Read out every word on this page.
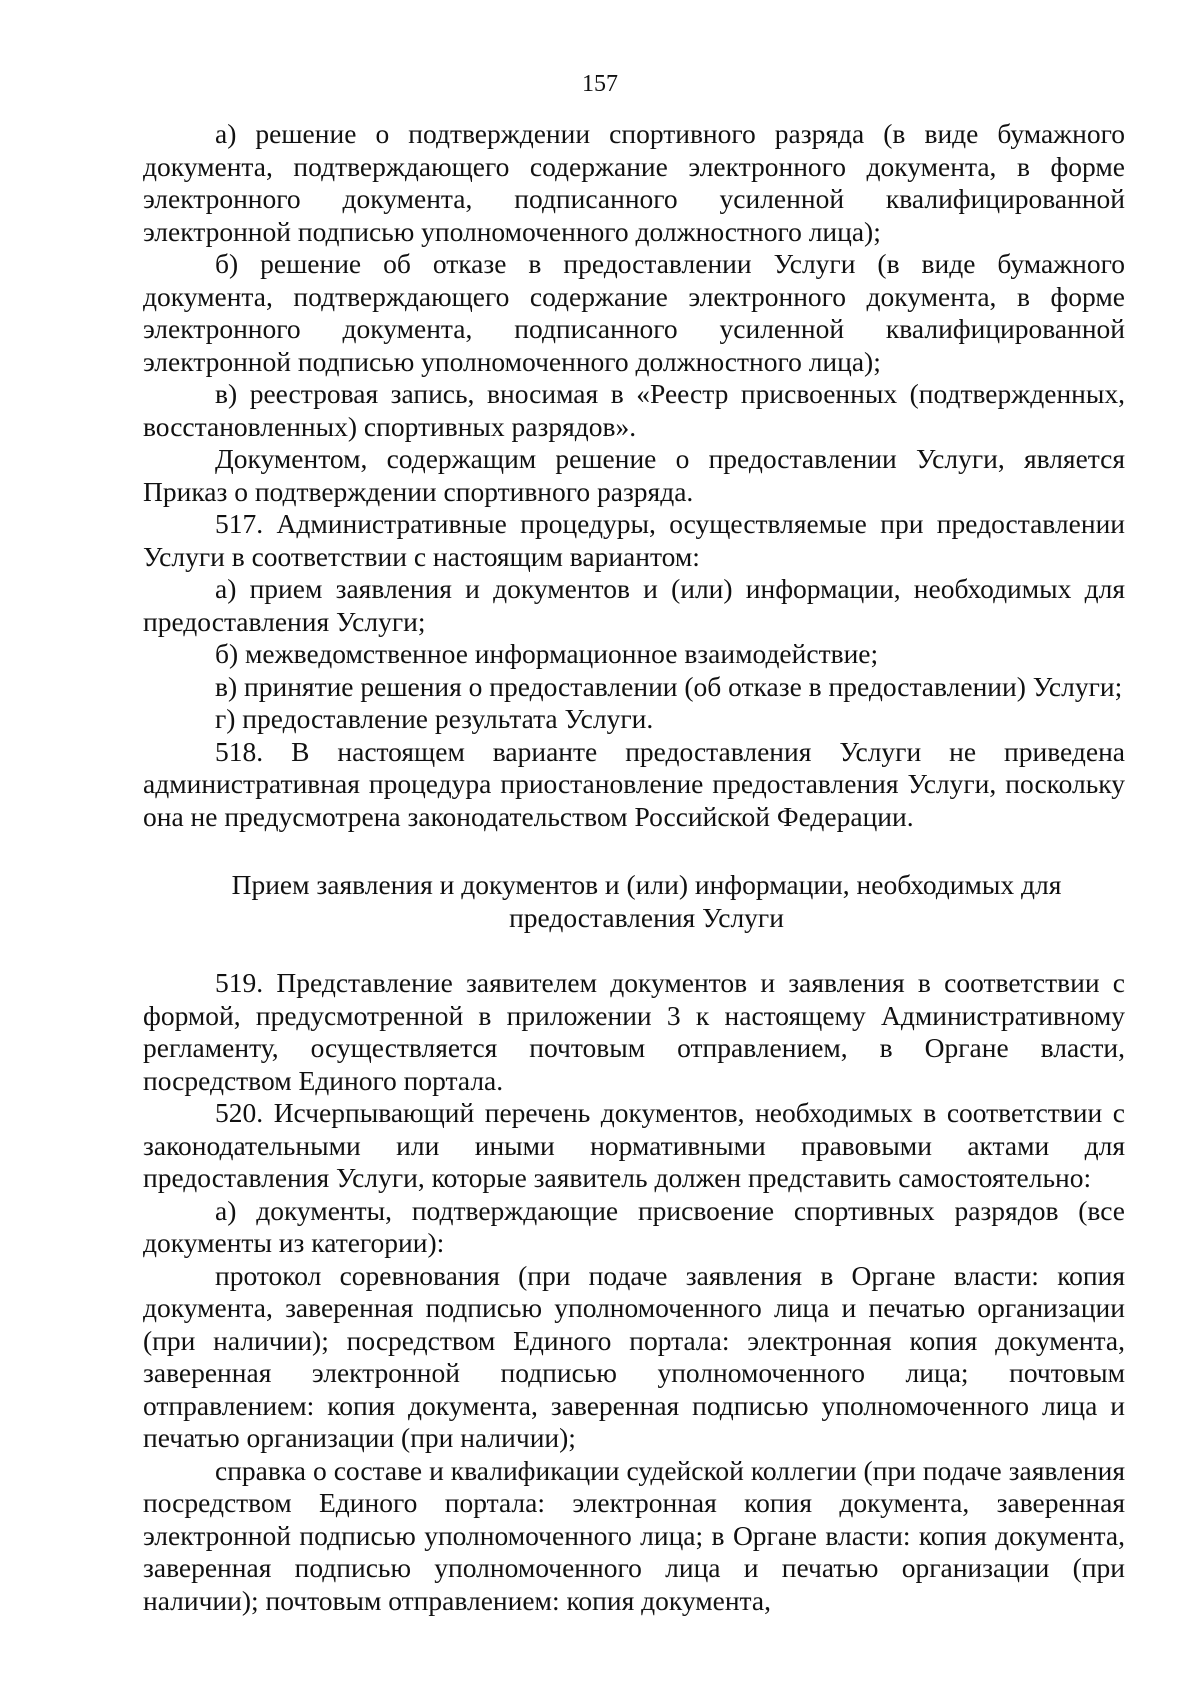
157

а) решение о подтверждении спортивного разряда (в виде бумажного документа, подтверждающего содержание электронного документа, в форме электронного документа, подписанного усиленной квалифицированной электронной подписью уполномоченного должностного лица);

б) решение об отказе в предоставлении Услуги (в виде бумажного документа, подтверждающего содержание электронного документа, в форме электронного документа, подписанного усиленной квалифицированной электронной подписью уполномоченного должностного лица);

в) реестровая запись, вносимая в «Реестр присвоенных (подтвержденных, восстановленных) спортивных разрядов».

Документом, содержащим решение о предоставлении Услуги, является Приказ о подтверждении спортивного разряда.

517. Административные процедуры, осуществляемые при предоставлении Услуги в соответствии с настоящим вариантом:

а) прием заявления и документов и (или) информации, необходимых для предоставления Услуги;

б) межведомственное информационное взаимодействие;

в) принятие решения о предоставлении (об отказе в предоставлении) Услуги;

г) предоставление результата Услуги.

518. В настоящем варианте предоставления Услуги не приведена административная процедура приостановление предоставления Услуги, поскольку она не предусмотрена законодательством Российской Федерации.

Прием заявления и документов и (или) информации, необходимых для
предоставления Услуги

519. Представление заявителем документов и заявления в соответствии с формой, предусмотренной в приложении 3 к настоящему Административному регламенту, осуществляется почтовым отправлением, в Органе власти, посредством Единого портала.

520. Исчерпывающий перечень документов, необходимых в соответствии с законодательными или иными нормативными правовыми актами для предоставления Услуги, которые заявитель должен представить самостоятельно:

а) документы, подтверждающие присвоение спортивных разрядов (все документы из категории):

протокол соревнования (при подаче заявления в Органе власти: копия документа, заверенная подписью уполномоченного лица и печатью организации (при наличии); посредством Единого портала: электронная копия документа, заверенная электронной подписью уполномоченного лица; почтовым отправлением: копия документа, заверенная подписью уполномоченного лица и печатью организации (при наличии);

справка о составе и квалификации судейской коллегии (при подаче заявления посредством Единого портала: электронная копия документа, заверенная электронной подписью уполномоченного лица; в Органе власти: копия документа, заверенная подписью уполномоченного лица и печатью организации (при наличии); почтовым отправлением: копия документа,
